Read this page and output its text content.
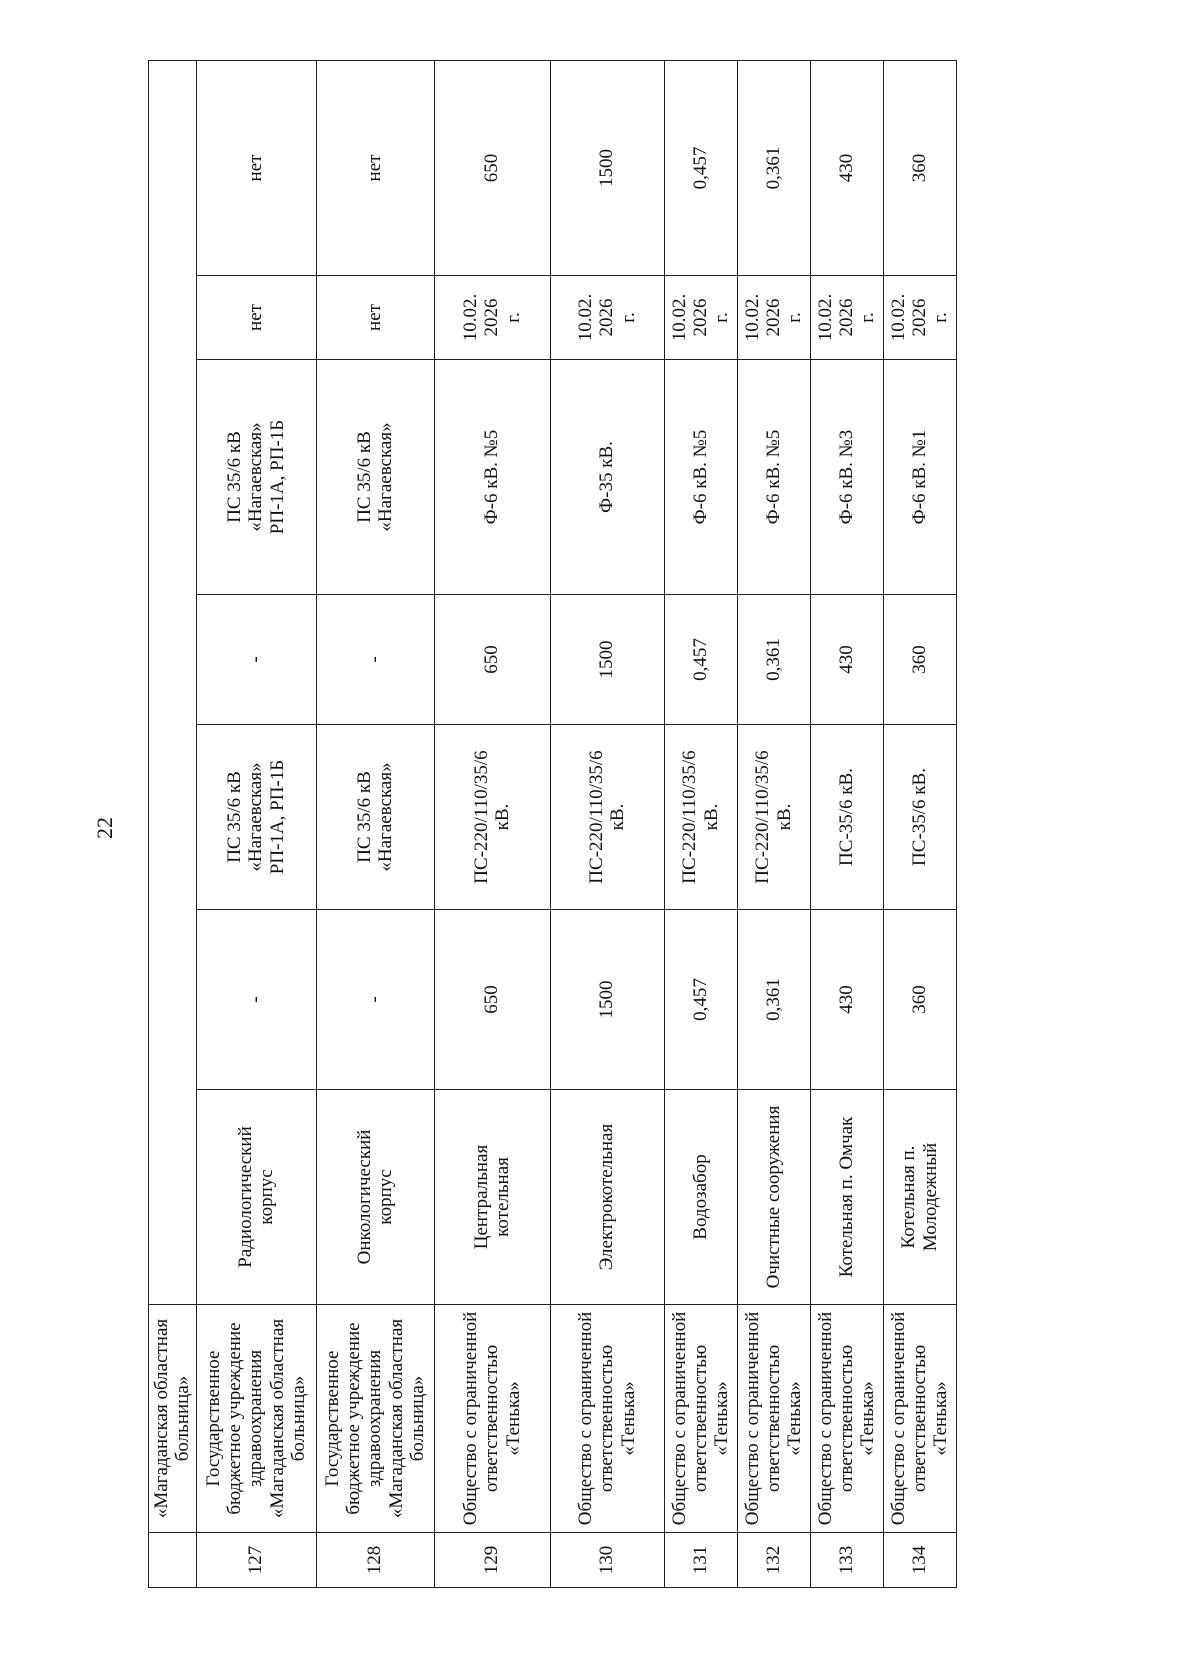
22
	«Магаданская областная
больница»							
127	Государственное
бюджетное учреждение
здравоохранения
«Магаданская областная
больница»	Радиологический
корпус	-	ПС 35/6 кВ
«Нагаевская»
РП-1А, РП-1Б	-	ПС 35/6 кВ
«Нагаевская»
РП-1А, РП-1Б	нет	нет
128	Государственное
бюджетное учреждение
здравоохранения
«Магаданская областная
больница»	Онкологический
корпус	-	ПС 35/6 кВ
«Нагаевская»	-	ПС 35/6 кВ
«Нагаевская»	нет	нет
129	Общество с ограниченной
ответственностью
«Тенька»	Центральная
котельная	650	ПС-220/110/35/6
кВ.	650	Ф-6 кВ. №5	10.02.
2026
г.	650
130	Общество с ограниченной
ответственностью
«Тенька»	Электрокотельная	1500	ПС-220/110/35/6
кВ.	1500	Ф-35 кВ.	10.02.
2026
г.	1500
131	Общество с ограниченной
ответственностью
«Тенька»	Водозабор	0,457	ПС-220/110/35/6
кВ.	0,457	Ф-6 кВ. №5	10.02.
2026
г.	0,457
132	Общество с ограниченной
ответственностью
«Тенька»	Очистные сооружения	0,361	ПС-220/110/35/6
кВ.	0,361	Ф-6 кВ. №5	10.02.
2026
г.	0,361
133	Общество с ограниченной
ответственностью
«Тенька»	Котельная п. Омчак	430	ПС-35/6 кВ.	430	Ф-6 кВ. №3	10.02.
2026
г.	430
134	Общество с ограниченной
ответственностью
«Тенька»	Котельная п.
Молодежный	360	ПС-35/6 кВ.	360	Ф-6 кВ. №1	10.02.
2026
г.	360
